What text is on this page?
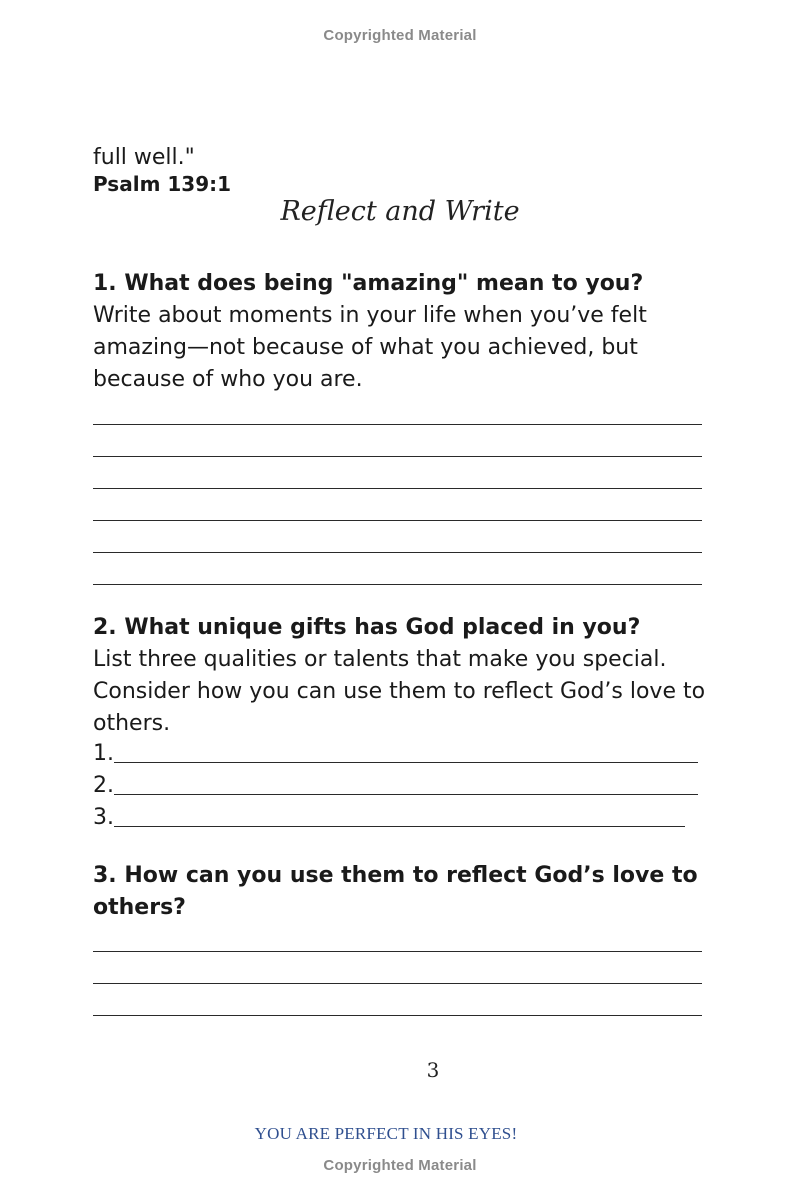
Copyrighted Material
full well."
Psalm 139:1
Reflect and Write
1. What does being "amazing" mean to you?
Write about moments in your life when you’ve felt amazing—not because of what you achieved, but because of who you are.
2. What unique gifts has God placed in you?
List three qualities or talents that make you special. Consider how you can use them to reflect God’s love to others.
1.
2.
3.
3. How can you use them to reflect God’s love to others?
3
YOU ARE PERFECT IN HIS EYES!
Copyrighted Material
